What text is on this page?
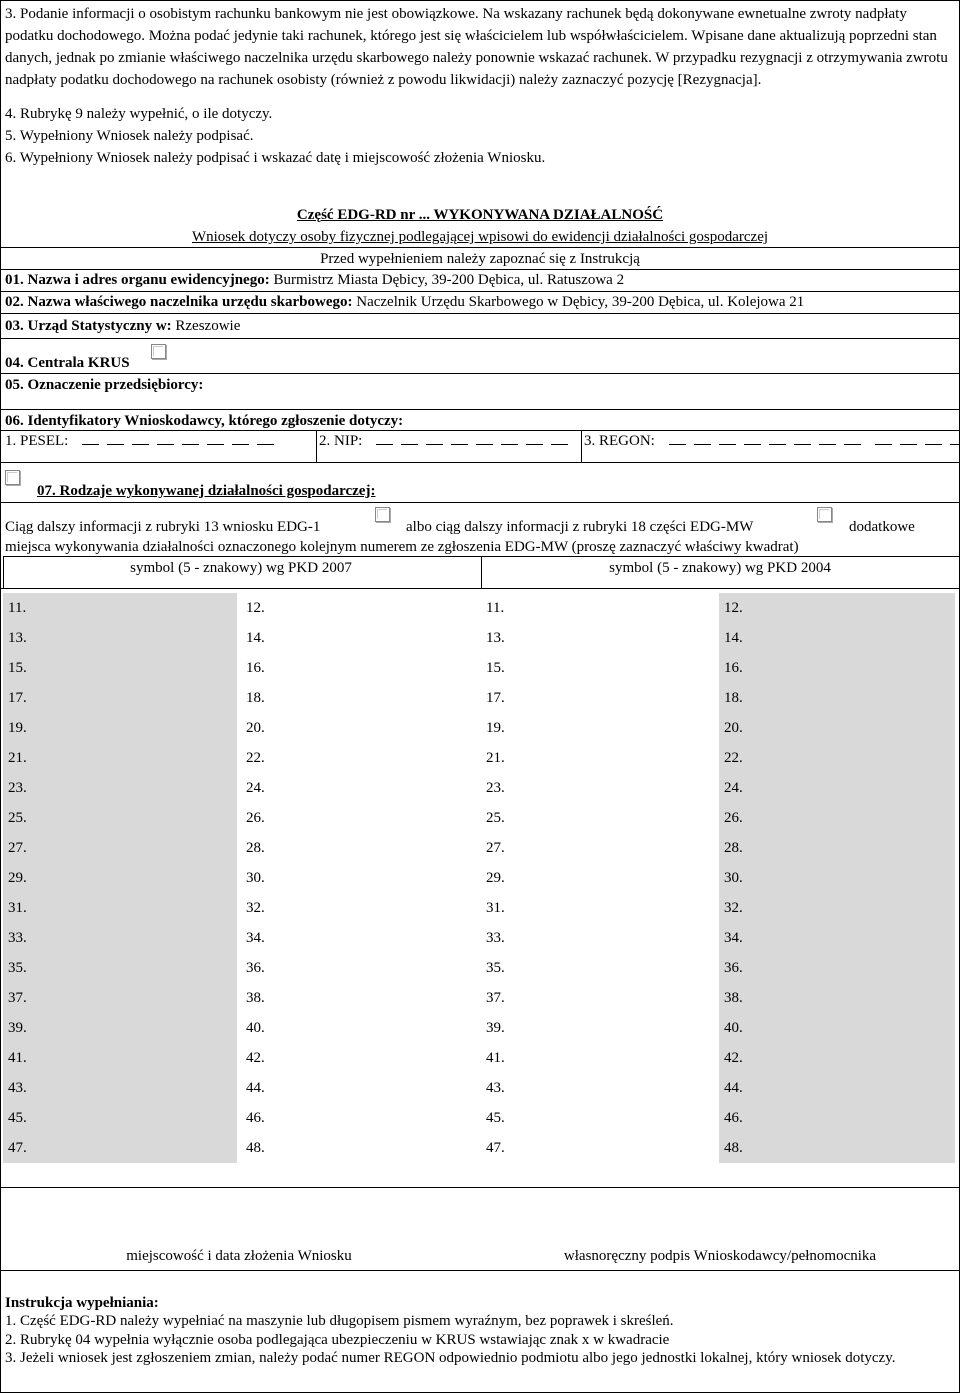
3. Podanie informacji o osobistym rachunku bankowym nie jest obowiązkowe. Na wskazany rachunek będą dokonywane ewnetualne zwroty nadpłaty podatku dochodowego. Można podać jedynie taki rachunek, którego jest się właścicielem lub współwłaścicielem. Wpisane dane aktualizują poprzedni stan danych, jednak po zmianie właściwego naczelnika urzędu skarbowego należy ponownie wskazać rachunek. W przypadku rezygnacji z otrzymywania zwrotu nadpłaty podatku dochodowego na rachunek osobisty (również z powodu likwidacji) należy zaznaczyć pozycję [Rezygnacja].
4. Rubrykę 9 należy wypełnić, o ile dotyczy.
5. Wypełniony Wniosek należy podpisać.
6. Wypełniony Wniosek należy podpisać i wskazać datę i miejscowość złożenia Wniosku.
Część EDG-RD nr ... WYKONYWANA DZIAŁALNOŚĆ
Wniosek dotyczy osoby fizycznej podlegającej wpisowi do ewidencji działalności gospodarczej
Przed wypełnieniem należy zapoznać się z Instrukcją
01. Nazwa i adres organu ewidencyjnego: Burmistrz Miasta Dębicy, 39-200 Dębica, ul. Ratuszowa 2
02. Nazwa właściwego naczelnika urzędu skarbowego: Naczelnik Urzędu Skarbowego w Dębicy, 39-200 Dębica, ul. Kolejowa 21
03. Urząd Statystyczny w: Rzeszowie
04. Centrala KRUS
05. Oznaczenie przedsiębiorcy:
06. Identyfikatory Wnioskodawcy, którego zgłoszenie dotyczy:
1. PESEL:	2. NIP:	3. REGON:
07. Rodzaje wykonywanej działalności gospodarczej:
Ciąg dalszy informacji z rubryki 13 wniosku EDG-1	albo ciąg dalszy informacji z rubryki 18 części EDG-MW	dodatkowe
miejsca wykonywania działalności oznaczonego kolejnym numerem ze zgłoszenia EDG-MW (proszę zaznaczyć właściwy kwadrat)
symbol (5 - znakowy) wg PKD 2007	symbol (5 - znakowy) wg PKD 2004
11.	12.	11.	12.
13.	14.	13.	14.
15.	16.	15.	16.
17.	18.	17.	18.
19.	20.	19.	20.
21.	22.	21.	22.
23.	24.	23.	24.
25.	26.	25.	26.
27.	28.	27.	28.
29.	30.	29.	30.
31.	32.	31.	32.
33.	34.	33.	34.
35.	36.	35.	36.
37.	38.	37.	38.
39.	40.	39.	40.
41.	42.	41.	42.
43.	44.	43.	44.
45.	46.	45.	46.
47.	48.	47.	48.
miejscowość i data złożenia Wniosku	własnoręczny podpis Wnioskodawcy/pełnomocnika
Instrukcja wypełniania:
1. Część EDG-RD należy wypełniać na maszynie lub długopisem pismem wyraźnym, bez poprawek i skreśleń.
2. Rubrykę 04 wypełnia wyłącznie osoba podlegająca ubezpieczeniu w KRUS wstawiając znak x w kwadracie
3. Jeżeli wniosek jest zgłoszeniem zmian, należy podać numer REGON odpowiednio podmiotu albo jego jednostki lokalnej, który wniosek dotyczy.
